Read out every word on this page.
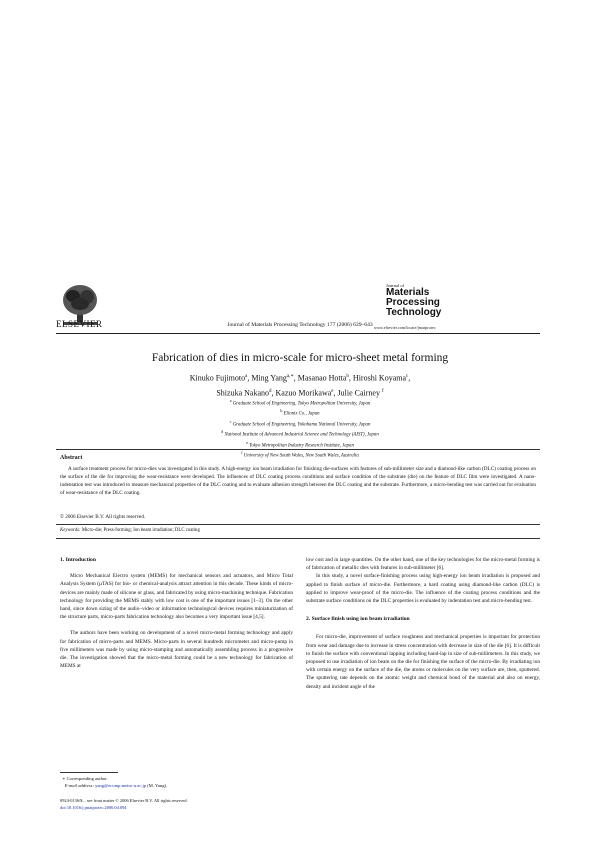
ELSEVIER	Journal of Materials Processing Technology 177 (2006) 639–643
Journal of
Materials
Processing
Technology
www.elsevier.com/locate/jmatprotec
Fabrication of dies in micro-scale for micro-sheet metal forming
Kinuko Fujimoto$^a$, Ming Yang$^{a,∗}$, Masanao Hotta$^b$, Hiroshi Koyama$^c$,
Shizuka Nakano$^d$, Kazuo Morikawa$^e$, Julie Cairney $^f$
$^a$ Graduate School of Engineering, Tokyo Metropolitan University, Japan
$^b$ Elionix Co., Japan
$^c$ Graduate School of Engineering, Yokohama National University, Japan
$^d$ National Institute of Advanced Industrial Science and Technology (AIST), Japan
$^e$ Tokyo Metropolitan Industry Research Institute, Japan
$^f$ University of New South Wales, New South Wales, Australia
Abstract
A surface treatment process for micro-dies was investigated in this study. A high-energy ion beam irradiation for finishing die-surfaces with features of sub-millimeter size and a diamond-like carbon (DLC) coating process on the surface of the die for improving the wear-resistance were developed. The influences of DLC coating process conditions and surface condition of the substrate (die) on the feature of DLC film were investigated. A nano-indentation test was introduced to measure mechanical properties of the DLC coating and to evaluate adhesion strength between the DLC coating and the substrate. Furthermore, a micro-bending test was carried out for evaluation of wear-resistance of the DLC coating.
© 2006 Elsevier B.V. All rights reserved.
Keywords: Micro-die; Press-forming; Ion beam irradiation; DLC coating

1. Introduction

Micro Mechanical Electro system (MEMS) for mechanical sensors and actuators, and Micro Total Analysis System (µTAS) for bio- or chemical-analysis attract attention in this decade. These kinds of micro-devices are mainly made of silicone or glass, and fabricated by using micro-machining technique. Fabrication technology for providing the MEMS stably with low cost is one of the important issues [1–3]. On the other hand, since down sizing of the audio–video or information technological devices requires miniaturization of the structure parts, micro-parts fabrication technology also becomes a very important issue [4,5].

The authors have been working on development of a novel micro-metal forming technology and apply for fabrication of micro-parts and MEMS. Micro-parts in several hundreds micrometer and micro-pump in five millimeters was made by using micro-stamping and automatically assembling process in a progressive die. The investigation showed that the micro-metal forming could be a new technology for fabrication of MEMS at

low cost and in large quantities. On the other hand, one of the key technologies for the micro-metal forming is of fabrication of metallic dies with features in sub-millimeter [6].

In this study, a novel surface-finishing process using high-energy ion beam irradiation is proposed and applied to finish surface of micro-die. Furthermore, a hard coating using diamond-like carbon (DLC) is applied to improve wear-proof of the micro-die. The influence of the coating process conditions and the substrate surface conditions on the DLC properties is evaluated by indentation test and micro-bending test.

2. Surface finish using ion beam irradiation

For micro-die, improvement of surface roughness and mechanical properties is important for protection from wear and damage due to increase in stress concentration with decrease in size of the die [6]. It is difficult to finish the surface with conventional lapping including hand-lap in size of sub-millimeters. In this study, we proposed to use irradiation of ion beam on the die for finishing the surface of the micro-die. By irradiating ion with certain energy on the surface of the die, the atoms or molecules on the very surface are, then, sputtered. The sputtering rate depends on the atomic weight and chemical bond of the material and also on energy, density and incident angle of the

∗ Corresponding author.
E-mail address: yang@ecomp.metro-u.ac.jp (M. Yang).
0924-0136/$ – see front matter © 2006 Elsevier B.V. All rights reserved.
doi:10.1016/j.jmatprotec.2006.04.094
